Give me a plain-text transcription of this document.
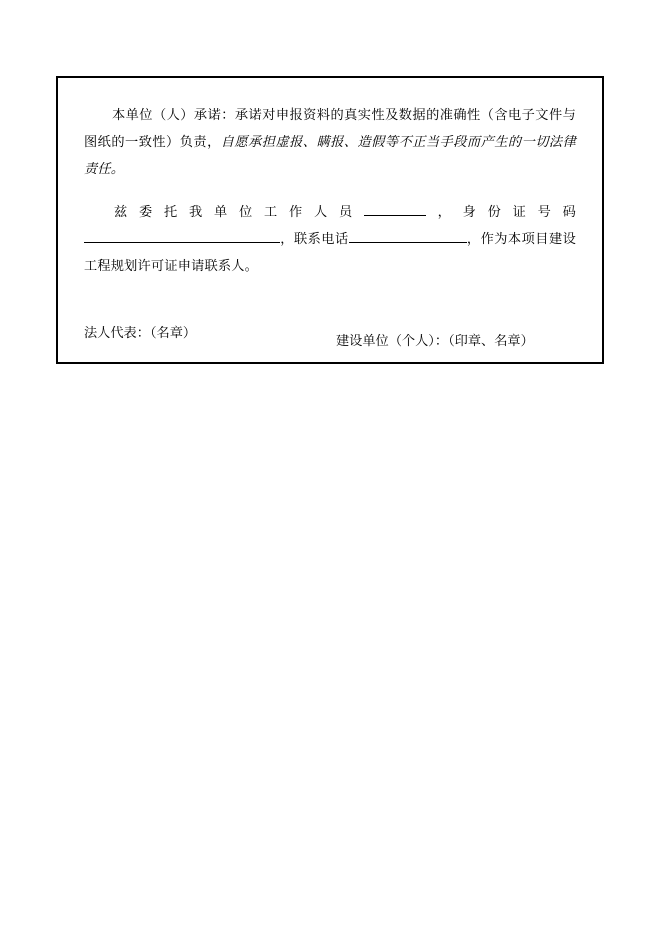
本单位（人）承诺：承诺对申报资料的真实性及数据的准确性（含电子文件与图纸的一致性）负责，自愿承担虚报、瞒报、造假等不正当手段而产生的一切法律责任。

兹委托我单位工作人员	，身份证号码，联系电话	，作为本项目建设工程规划许可证申请联系人。

法人代表：（名章）
建设单位（个人）：（印章、名章）
